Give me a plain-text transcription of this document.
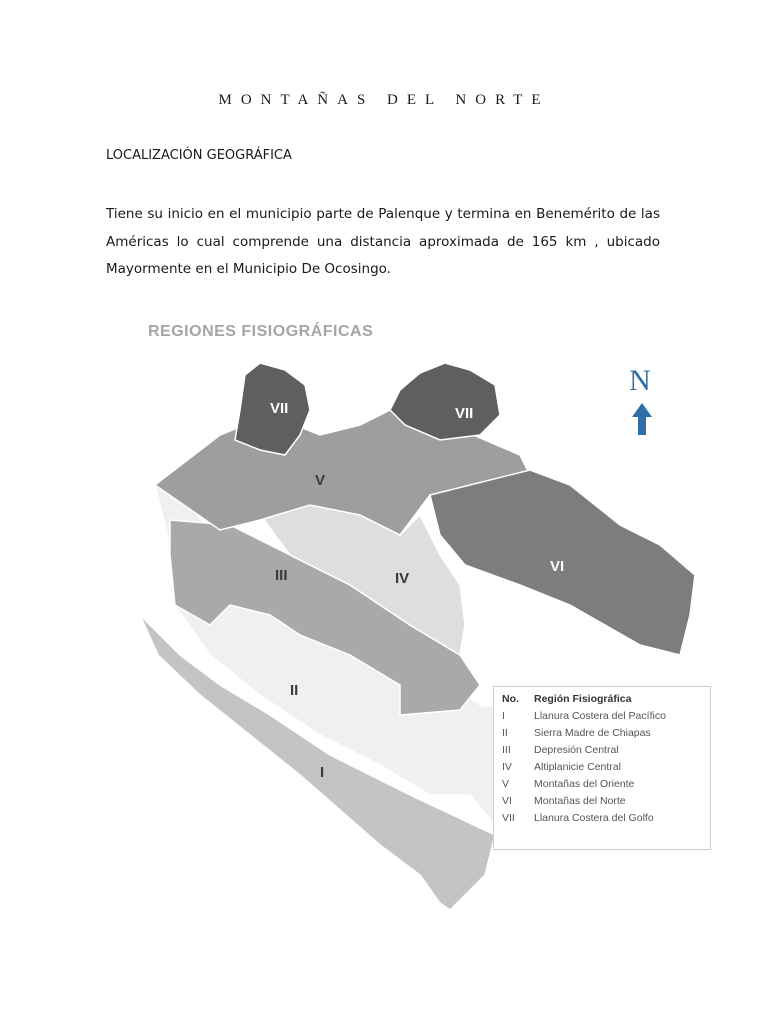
MONTAÑAS DEL NORTE
LOCALIZACIÓN GEOGRÁFICA
Tiene su inicio en el municipio parte de Palenque y termina en Benemérito de las Américas lo cual comprende una distancia aproximada de 165 km , ubicado Mayormente en el Municipio De Ocosingo.
REGIONES FISIOGRÁFICAS
VII	VII
V
VI
III	IV
II
I
N
No.	Región Fisiográfica
I	Llanura Costera del Pacífico
II	Sierra Madre de Chiapas
III	Depresión Central
IV	Altiplanicie Central
V	Montañas del Oriente
VI	Montañas del Norte
VII	Llanura Costera del Golfo
